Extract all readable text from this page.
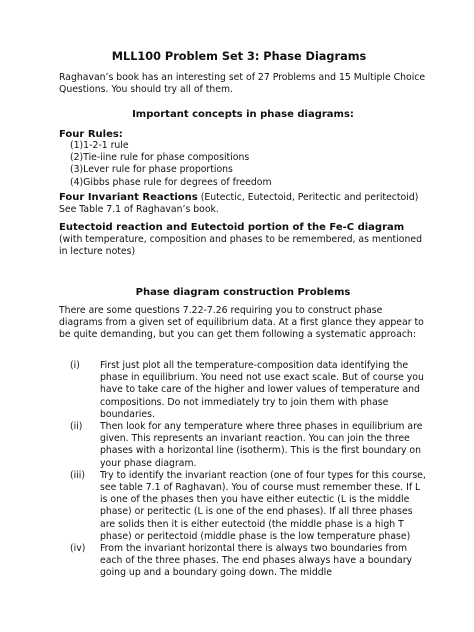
MLL100 Problem Set 3: Phase Diagrams
Raghavan’s book has an interesting set of 27 Problems and 15 Multiple Choice Questions. You should try all of them.
Important concepts in phase diagrams:
Four Rules:
(1)1-2-1 rule
(2)Tie-iine rule for phase compositions
(3)Lever rule for phase proportions
(4)Gibbs phase rule for degrees of freedom
Four Invariant Reactions (Eutectic, Eutectoid, Peritectic and peritectoid) See Table 7.1 of Raghavan’s book.
Eutectoid reaction and Eutectoid portion of the Fe-C diagram (with temperature, composition and phases to be remembered, as mentioned in lecture notes)
Phase diagram construction Problems
There are some questions 7.22-7.26 requiring you to construct phase diagrams from a given set of equilibrium data. At a first glance they appear to be quite demanding, but you can get them following a systematic approach:
(i) First just plot all the temperature-composition data identifying the phase in equilibrium. You need not use exact scale. But of course you have to take care of the higher and lower values of temperature and compositions. Do not immediately try to join them with phase boundaries.
(ii) Then look for any temperature where three phases in equilibrium are given. This represents an invariant reaction. You can join the three phases with a horizontal line (isotherm). This is the first boundary on your phase diagram.
(iii) Try to identify the invariant reaction (one of four types for this course, see table 7.1 of Raghavan). You of course must remember these. If L is one of the phases then you have either eutectic (L is the middle phase) or peritectic (L is one of the end phases). If all three phases are solids then it is either eutectoid (the middle phase is a high T phase) or peritectoid (middle phase is the low temperature phase)
(iv) From the invariant horizontal there is always two boundaries from each of the three phases. The end phases always have a boundary going up and a boundary going down. The middle
